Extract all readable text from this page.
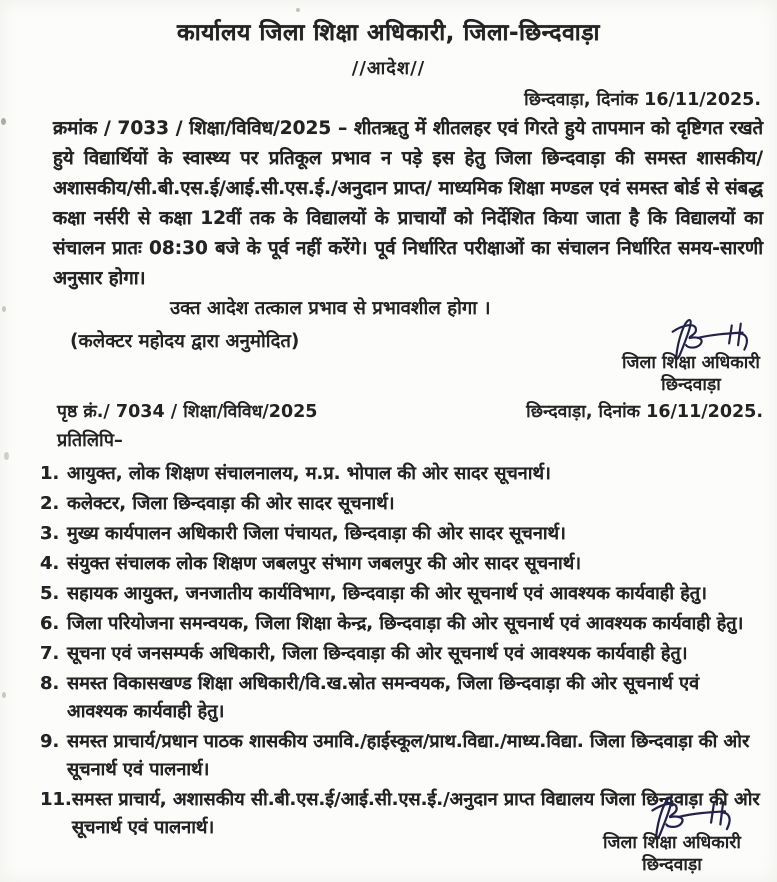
कार्यालय जिला शिक्षा अधिकारी, जिला-छिन्दवाड़ा
//आदेश//
छिन्दवाड़ा, दिनांक 16/11/2025.

क्रमांक / 7033 / शिक्षा/विविध/2025 – शीतऋतु में शीतलहर एवं गिरते हुये तापमान को दृष्टिगत रखते हुये विद्यार्थियों के स्वास्थ्य पर प्रतिकूल प्रभाव न पड़े इस हेतु जिला छिन्दवाड़ा की समस्त शासकीय/अशासकीय/सी.बी.एस.ई/आई.सी.एस.ई./अनुदान प्राप्त/ माध्यमिक शिक्षा मण्डल एवं समस्त बोर्ड से संबद्ध कक्षा नर्सरी से कक्षा 12वीं तक के विद्यालयों के प्राचार्यों को निर्देशित किया जाता है कि विद्यालयों का संचालन प्रातः 08:30 बजे के पूर्व नहीं करेंगे। पूर्व निर्धारित परीक्षाओं का संचालन निर्धारित समय-सारणी अनुसार होगा।

उक्त आदेश तत्काल प्रभाव से प्रभावशील होगा ।
(कलेक्टर महोदय द्वारा अनुमोदित)
जिला शिक्षा अधिकारी
छिन्दवाड़ा
पृष्ठ क्रं./ 7034 / शिक्षा/विविध/2025	छिन्दवाड़ा, दिनांक 16/11/2025.
प्रतिलिपि–
1. आयुक्त, लोक शिक्षण संचालनालय, म.प्र. भोपाल की ओर सादर सूचनार्थ।
2. कलेक्टर, जिला छिन्दवाड़ा की ओर सादर सूचनार्थ।
3. मुख्य कार्यपालन अधिकारी जिला पंचायत, छिन्दवाड़ा की ओर सादर सूचनार्थ।
4. संयुक्त संचालक लोक शिक्षण जबलपुर संभाग जबलपुर की ओर सादर सूचनार्थ।
5. सहायक आयुक्त, जनजातीय कार्यविभाग, छिन्दवाड़ा की ओर सूचनार्थ एवं आवश्यक कार्यवाही हेतु।
6. जिला परियोजना समन्वयक, जिला शिक्षा केन्द्र, छिन्दवाड़ा की ओर सूचनार्थ एवं आवश्यक कार्यवाही हेतु।
7. सूचना एवं जनसम्पर्क अधिकारी, जिला छिन्दवाड़ा की ओर सूचनार्थ एवं आवश्यक कार्यवाही हेतु।
8. समस्त विकासखण्ड शिक्षा अधिकारी/वि.ख.स्रोत समन्वयक, जिला छिन्दवाड़ा की ओर सूचनार्थ एवं आवश्यक कार्यवाही हेतु।
9. समस्त प्राचार्य/प्रधान पाठक शासकीय उमावि./हाईस्कूल/प्राथ.विद्या./माध्य.विद्या. जिला छिन्दवाड़ा की ओर सूचनार्थ एवं पालनार्थ।
11. समस्त प्राचार्य, अशासकीय सी.बी.एस.ई/आई.सी.एस.ई./अनुदान प्राप्त विद्यालय जिला छिन्दवाड़ा की ओर सूचनार्थ एवं पालनार्थ।
जिला शिक्षा अधिकारी
छिन्दवाड़ा
